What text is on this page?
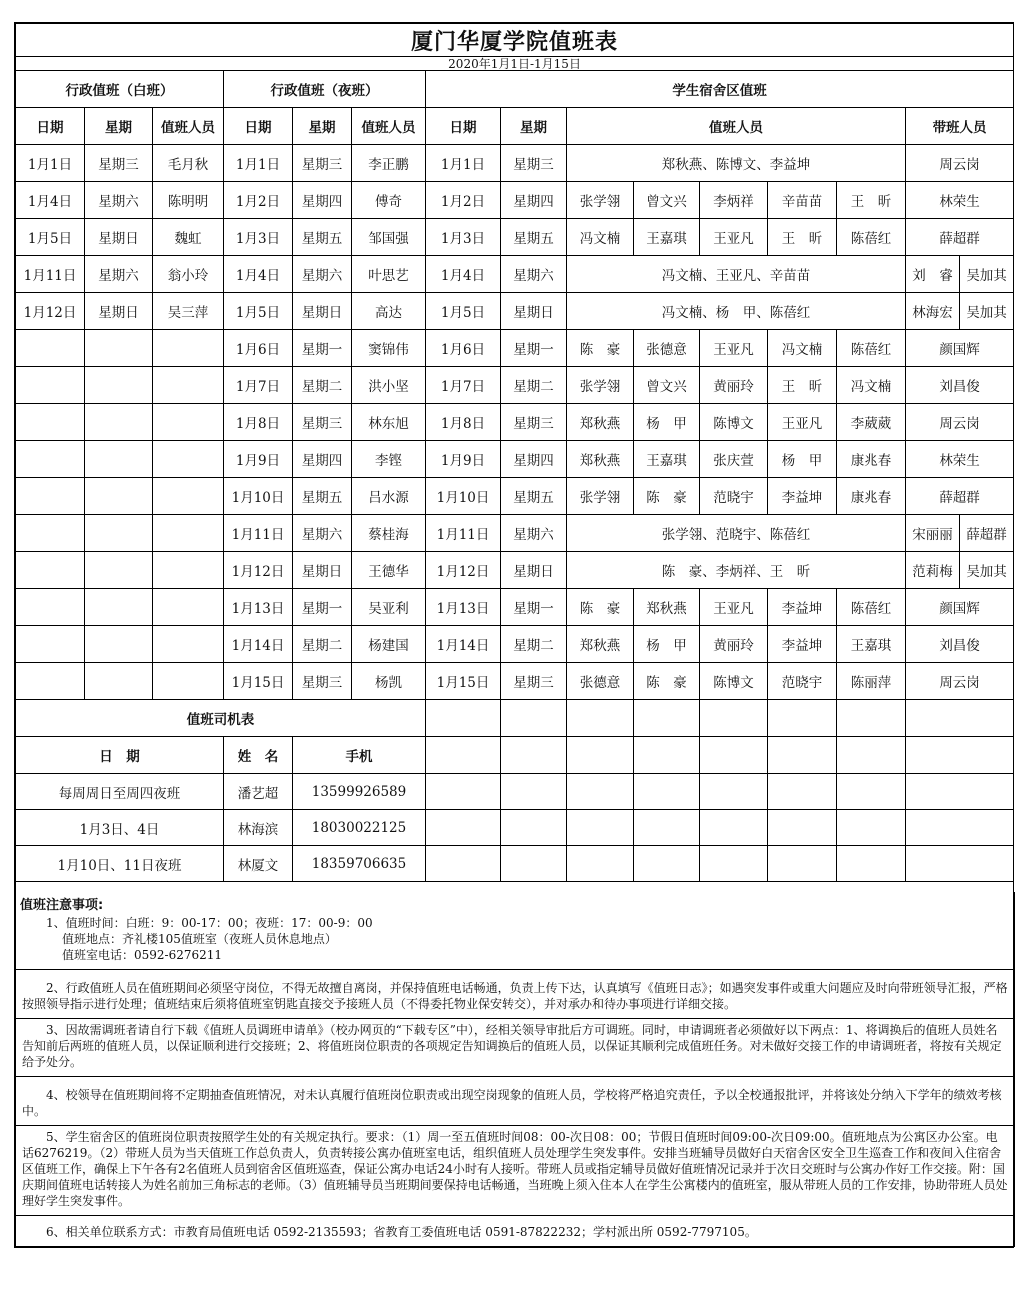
厦门华厦学院值班表														
2020年1月1日-1月15日														
行政值班（白班）			行政值班（夜班）			学生宿舍区值班								
日期	星期	值班人员	日期	星期	值班人员	日期	星期	值班人员					带班人员	
1月1日	星期三	毛月秋	1月1日	星期三	李正鹏	1月1日	星期三	郑秋燕、陈博文、李益坤					周云岗	
1月4日	星期六	陈明明	1月2日	星期四	傅奇	1月2日	星期四	张学翎	曾文兴	李炳祥	辛苗苗	王　昕	林荣生	
1月5日	星期日	魏虹	1月3日	星期五	邹国强	1月3日	星期五	冯文楠	王嘉琪	王亚凡	王　昕	陈蓓红	薛超群	
1月11日	星期六	翁小玲	1月4日	星期六	叶思艺	1月4日	星期六	冯文楠、王亚凡、辛苗苗					刘　睿	吴加其
1月12日	星期日	吴三萍	1月5日	星期日	高达	1月5日	星期日	冯文楠、杨　甲、陈蓓红					林海宏	吴加其
			1月6日	星期一	窦锦伟	1月6日	星期一	陈　豪	张德意	王亚凡	冯文楠	陈蓓红	颜国辉	
			1月7日	星期二	洪小坚	1月7日	星期二	张学翎	曾文兴	黄丽玲	王　昕	冯文楠	刘昌俊	
			1月8日	星期三	林东旭	1月8日	星期三	郑秋燕	杨　甲	陈博文	王亚凡	李葳葳	周云岗	
			1月9日	星期四	李铿	1月9日	星期四	郑秋燕	王嘉琪	张庆萱	杨　甲	康兆春	林荣生	
			1月10日	星期五	吕水源	1月10日	星期五	张学翎	陈　豪	范晓宇	李益坤	康兆春	薛超群	
			1月11日	星期六	蔡桂海	1月11日	星期六	张学翎、范晓宇、陈蓓红					宋丽丽	薛超群
			1月12日	星期日	王德华	1月12日	星期日	陈　豪、李炳祥、王　昕					范莉梅	吴加其
			1月13日	星期一	吴亚利	1月13日	星期一	陈　豪	郑秋燕	王亚凡	李益坤	陈蓓红	颜国辉	
			1月14日	星期二	杨建国	1月14日	星期二	郑秋燕	杨　甲	黄丽玲	李益坤	王嘉琪	刘昌俊	
			1月15日	星期三	杨凯	1月15日	星期三	张德意	陈　豪	陈博文	范晓宇	陈丽萍	周云岗	
值班司机表													
日　期			姓　名	手机									
每周周日至周四夜班			潘艺超	13599926589									
1月3日、4日			林海滨	18030022125									
1月10日、11日夜班			林厦文	18359706635									

值班注意事项:
1、值班时间：白班：9：00-17：00；夜班：17：00-9：00
值班地点：齐礼楼105值班室（夜班人员休息地点）
值班室电话：0592-6276211
2、行政值班人员在值班期间必须坚守岗位，不得无故擅自离岗，并保持值班电话畅通，负责上传下达，认真填写《值班日志》；如遇突发事件或重大问题应及时向带班领导汇报，严格按照领导指示进行处理；值班结束后须将值班室钥匙直接交予接班人员（不得委托物业保安转交），并对承办和待办事项进行详细交接。
3、因故需调班者请自行下载《值班人员调班申请单》（校办网页的“下载专区”中），经相关领导审批后方可调班。同时，申请调班者必须做好以下两点：1、将调换后的值班人员姓名告知前后两班的值班人员，以保证顺利进行交接班；2、将值班岗位职责的各项规定告知调换后的值班人员，以保证其顺利完成值班任务。对未做好交接工作的申请调班者，将按有关规定给予处分。
4、校领导在值班期间将不定期抽查值班情况，对未认真履行值班岗位职责或出现空岗现象的值班人员，学校将严格追究责任，予以全校通报批评，并将该处分纳入下学年的绩效考核中。
5、学生宿舍区的值班岗位职责按照学生处的有关规定执行。要求：（1）周一至五值班时间08：00-次日08：00；节假日值班时间09:00-次日09:00。值班地点为公寓区办公室。电话6276219。（2）带班人员为当天值班工作总负责人，负责转接公寓办值班室电话，组织值班人员处理学生突发事件。安排当班辅导员做好白天宿舍区安全卫生巡查工作和夜间入住宿舍区值班工作，确保上下午各有2名值班人员到宿舍区值班巡查，保证公寓办电话24小时有人接听。带班人员或指定辅导员做好值班情况记录并于次日交班时与公寓办作好工作交接。附：国庆期间值班电话转接人为姓名前加三角标志的老师。（3）值班辅导员当班期间要保持电话畅通，当班晚上须入住本人在学生公寓楼内的值班室，服从带班人员的工作安排，协助带班人员处理好学生突发事件。
6、相关单位联系方式：市教育局值班电话 0592-2135593；省教育工委值班电话 0591-87822232；学村派出所 0592-7797105。
